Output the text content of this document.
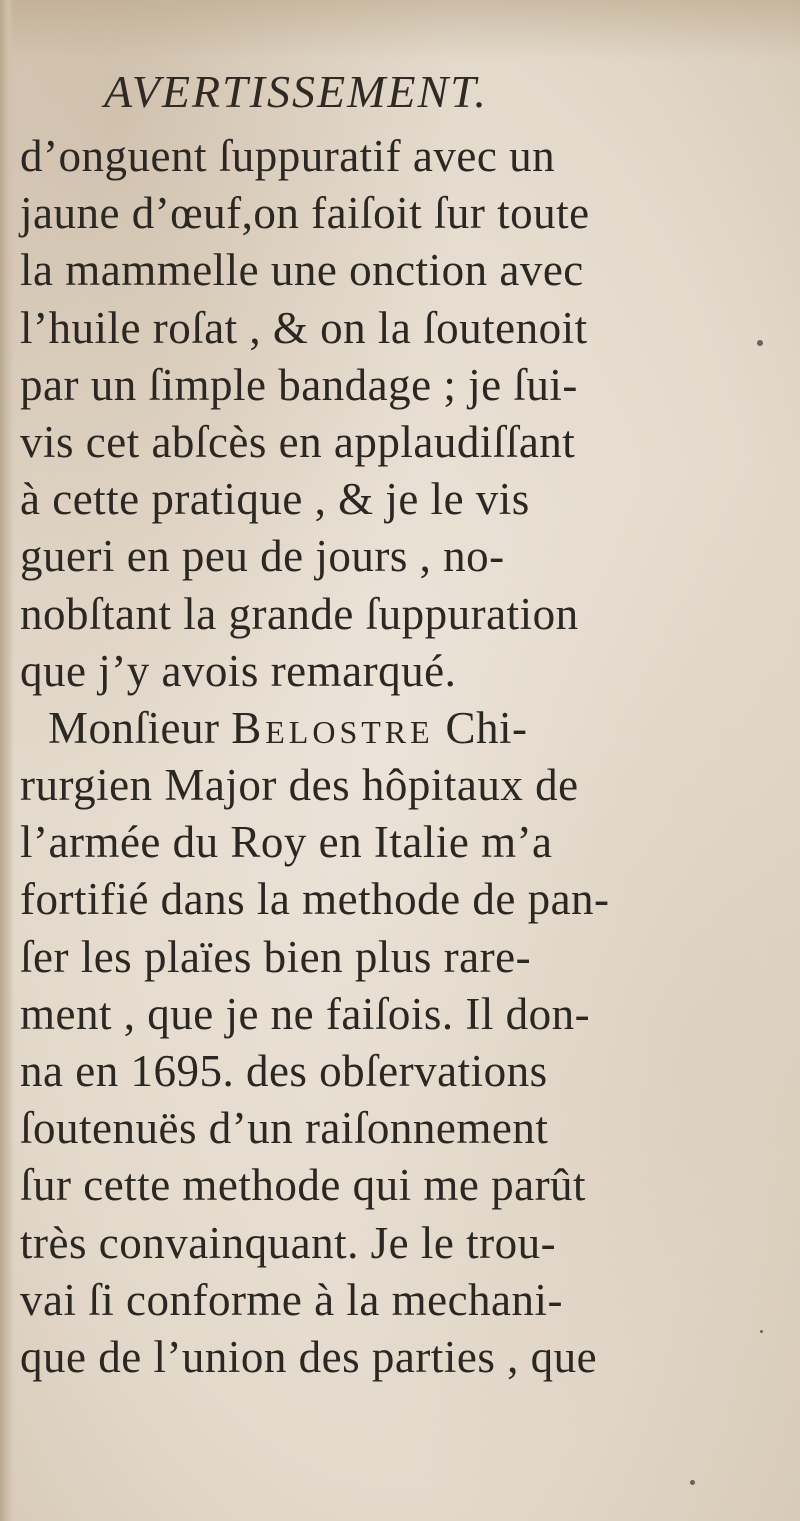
AVERTISSEMENT.
d’onguent ſuppuratif avec un
jaune d’œuf,on faiſoit ſur toute
la mammelle une onction avec
l’huile roſat , & on la ſoutenoit
par un ſimple bandage ; je ſui-
vis cet abſcès en applaudiſſant
à cette pratique , & je le vis
gueri en peu de jours , no-
nobſtant la grande ſuppuration
que j’y avois remarqué.
Monſieur Belostre Chi-
rurgien Major des hôpitaux de
l’armée du Roy en Italie m’a
fortifié dans la methode de pan-
ſer les plaïes bien plus rare-
ment , que je ne faiſois. Il don-
na en 1695. des obſervations
ſoutenuës d’un raiſonnement
ſur cette methode qui me parût
très convainquant. Je le trou-
vai ſi conforme à la mechani-
que de l’union des parties , que
